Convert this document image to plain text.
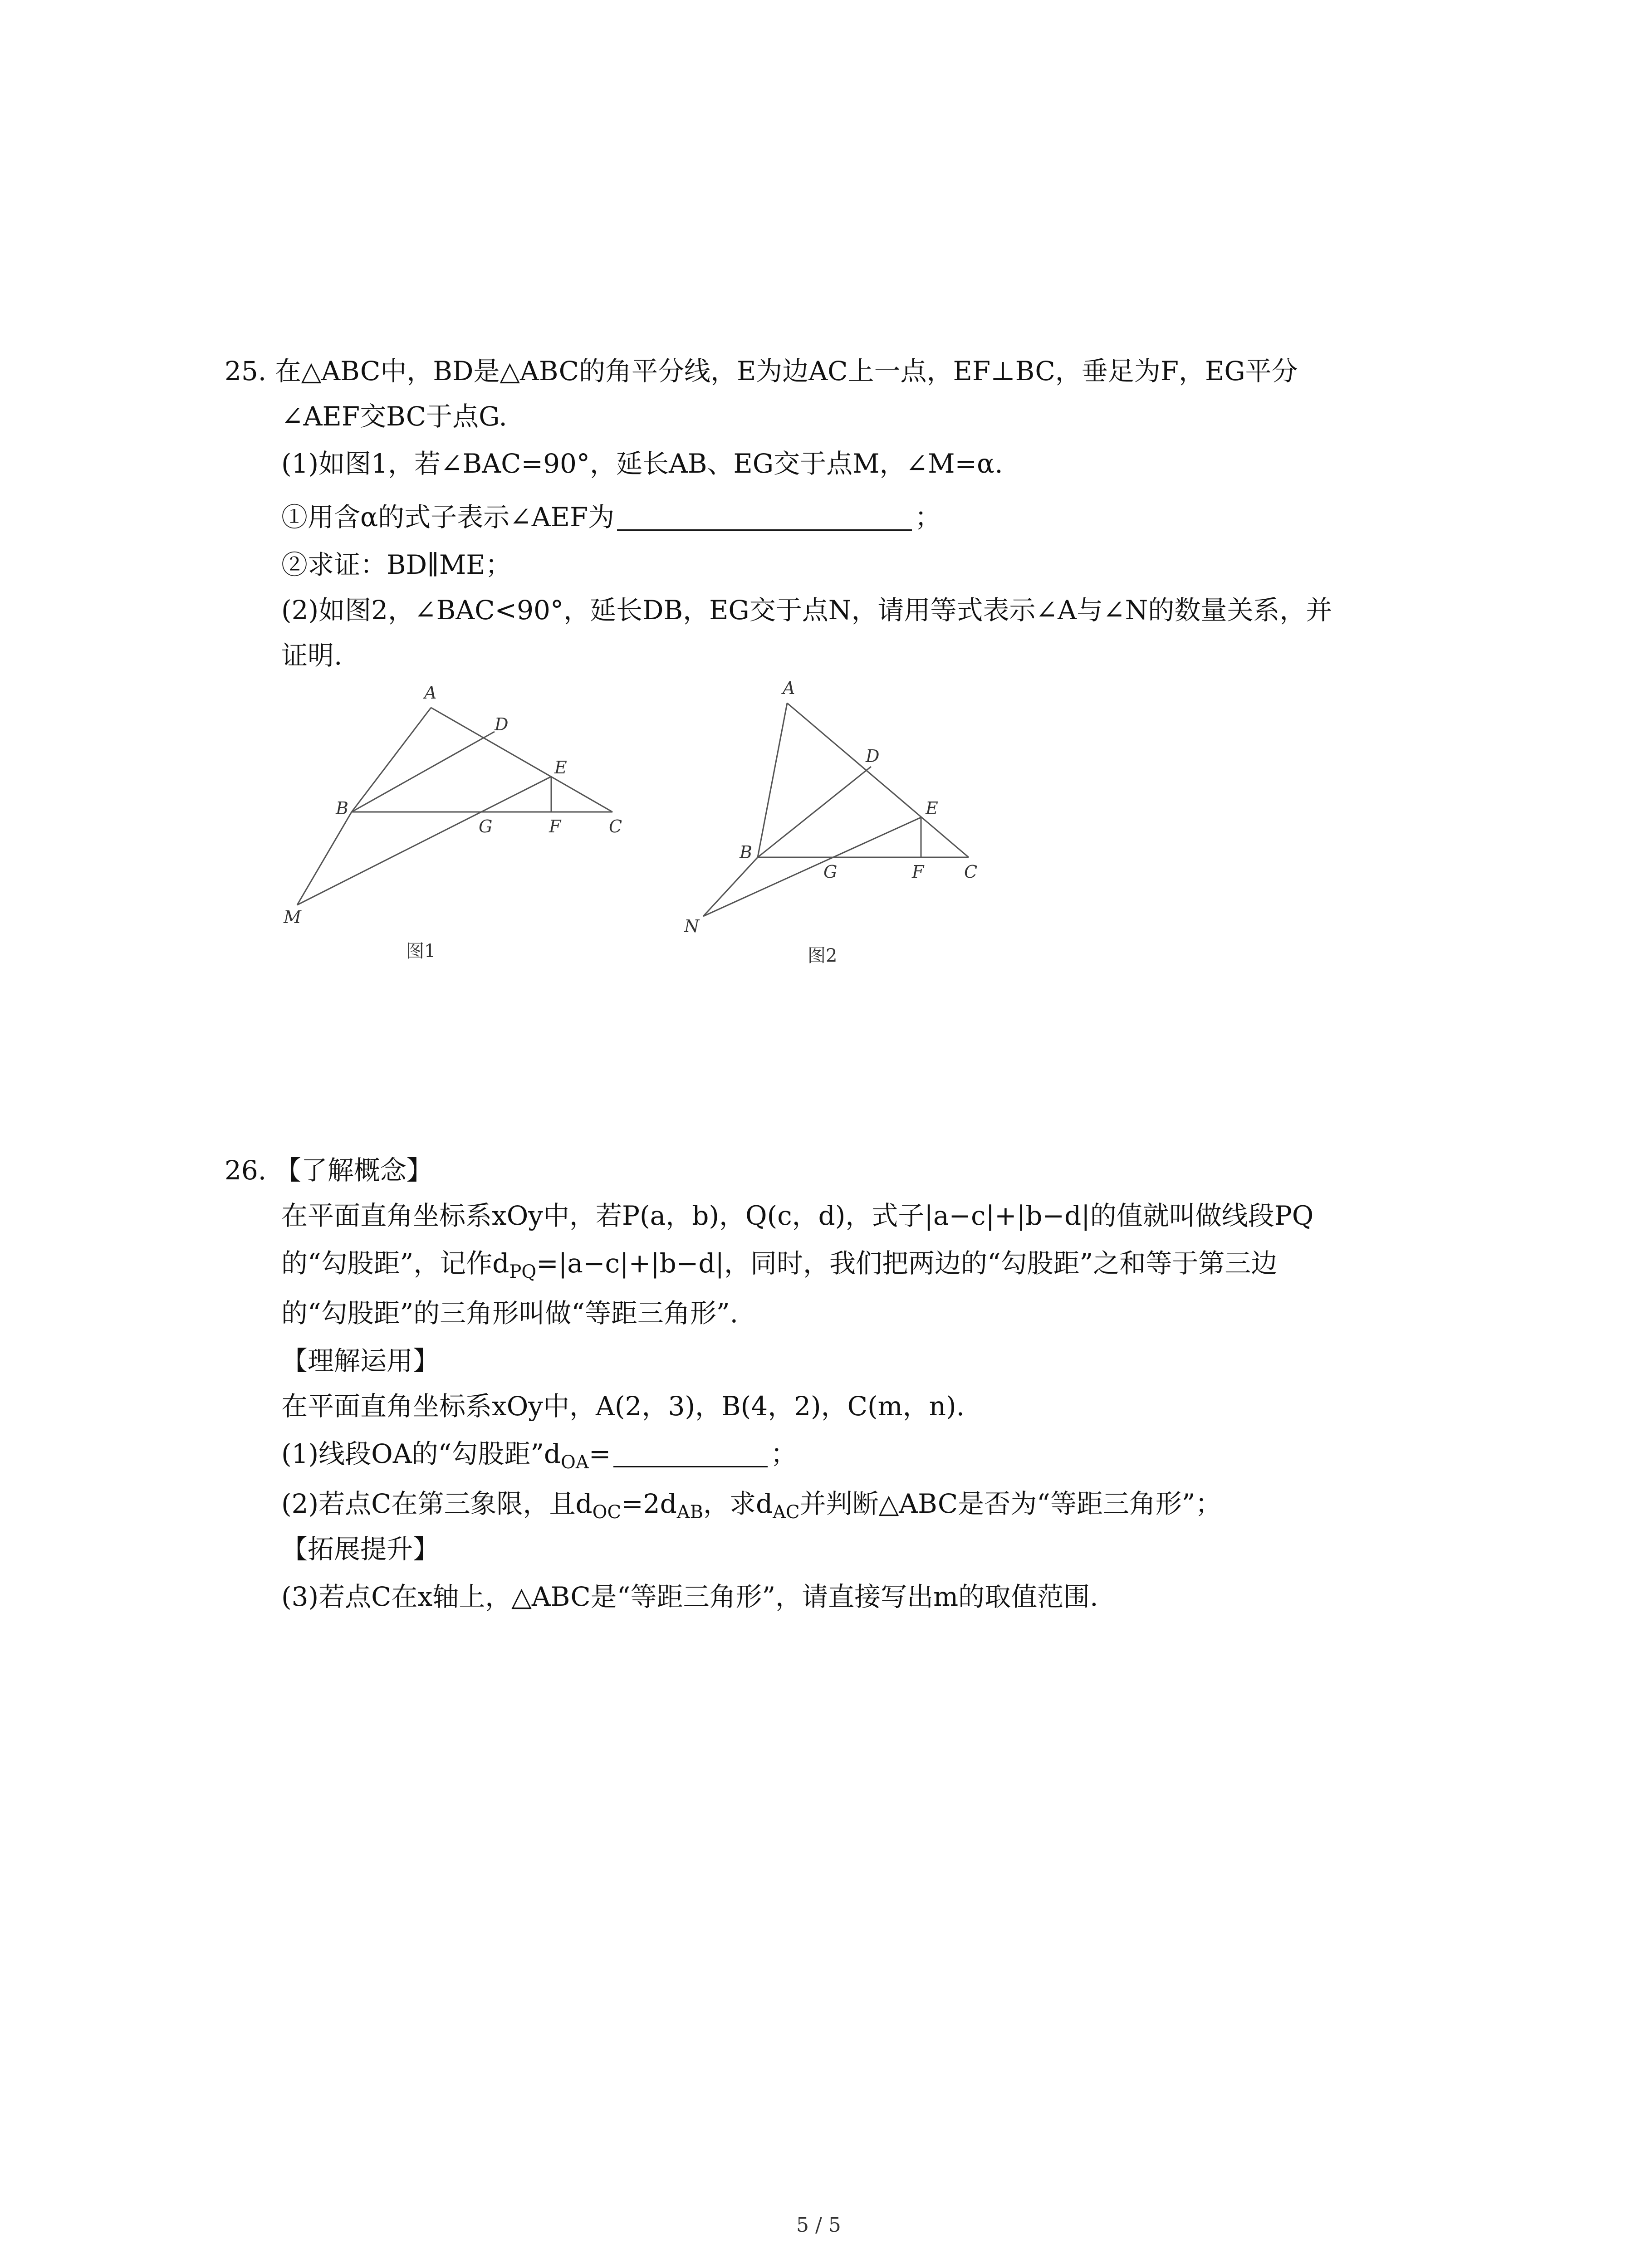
25. 在△ABC中，BD是△ABC的角平分线，E为边AC上一点，EF⊥BC，垂足为F，EG平分
∠AEF交BC于点G.
(1)如图1，若∠BAC=90°，延长AB、EG交于点M，∠M=α.
①用含α的式子表示∠AEF为	；
②求证：BD∥ME；
(2)如图2，∠BAC<90°，延长DB，EG交于点N，请用等式表示∠A与∠N的数量关系，并
证明.
A
D
E
B
G	F	C
M
图1
A
D
E
B
G	F C
N
图2
26. 【了解概念】
在平面直角坐标系xOy中，若P(a，b)，Q(c，d)，式子|a−c|+|b−d|的值就叫做线段PQ
的“勾股距”，记作$d_{PQ}=|a-c|+|b-d|$，同时，我们把两边的“勾股距”之和等于第三边
的“勾股距”的三角形叫做“等距三角形”.
【理解运用】
在平面直角坐标系xOy中，A(2，3)，B(4，2)，C(m，n).
(1)线段OA的“勾股距$”d_{OA}=$	；
(2)若点C在第三象限，且$d_{OC}=2d_{AB}$，求$d_{AC}$并判断△ABC是否为“等距三角形”；
【拓展提升】
(3)若点C在x轴上，△ABC是“等距三角形”，请直接写出m的取值范围.
5 / 5
